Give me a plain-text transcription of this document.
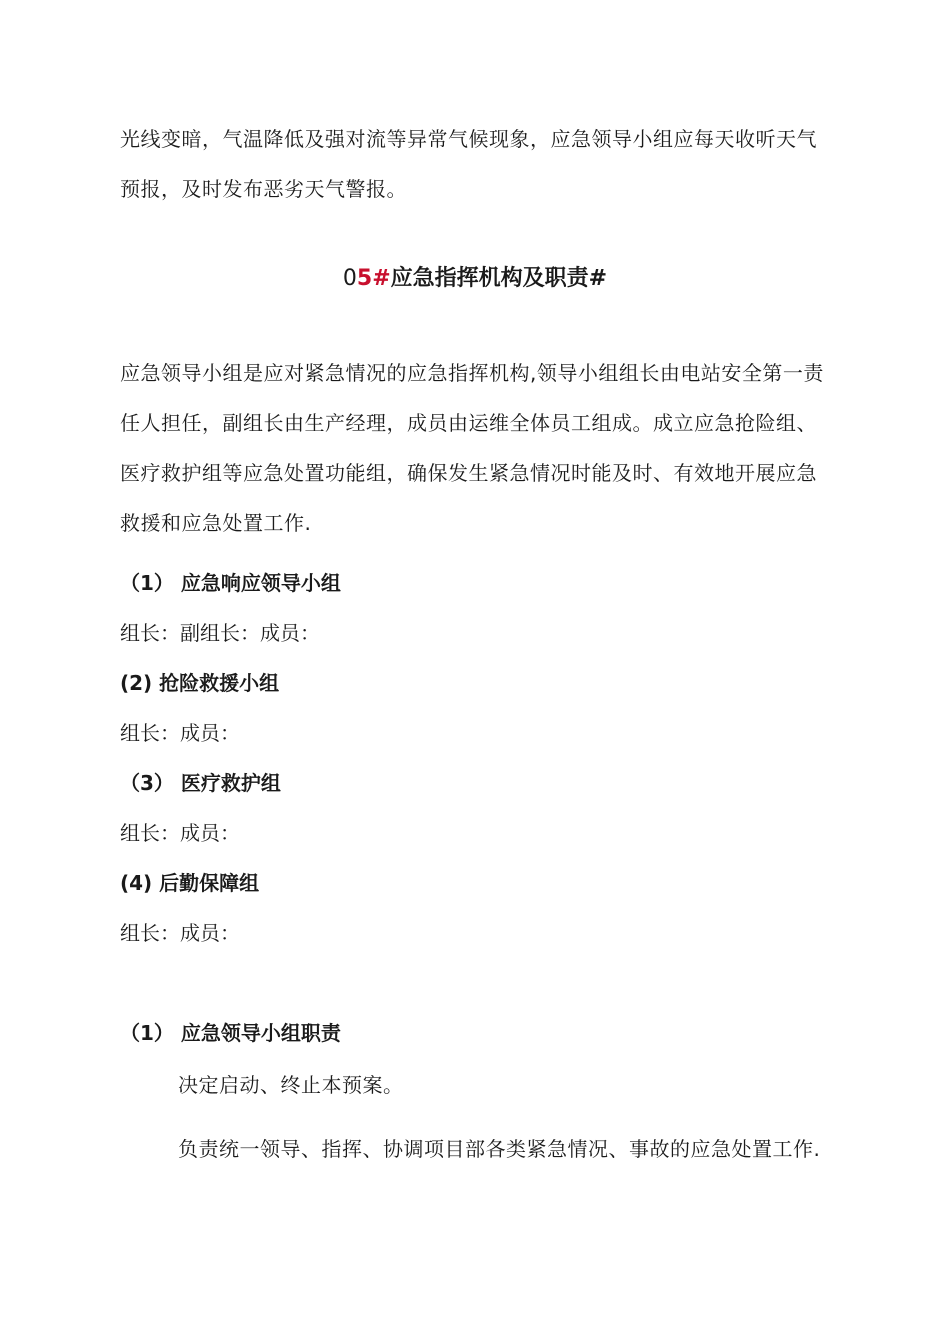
光线变暗，气温降低及强对流等异常气候现象，应急领导小组应每天收听天气预报，及时发布恶劣天气警报。

05#应急指挥机构及职责#

应急领导小组是应对紧急情况的应急指挥机构,领导小组组长由电站安全第一责任人担任，副组长由生产经理，成员由运维全体员工组成。成立应急抢险组、医疗救护组等应急处置功能组，确保发生紧急情况时能及时、有效地开展应急救援和应急处置工作.

（1） 应急响应领导小组

组长：副组长：成员：

(2) 抢险救援小组

组长：成员：

（3） 医疗救护组

组长：成员：

(4) 后勤保障组

组长：成员：

（1） 应急领导小组职责

决定启动、终止本预案。

负责统一领导、指挥、协调项目部各类紧急情况、事故的应急处置工作.
